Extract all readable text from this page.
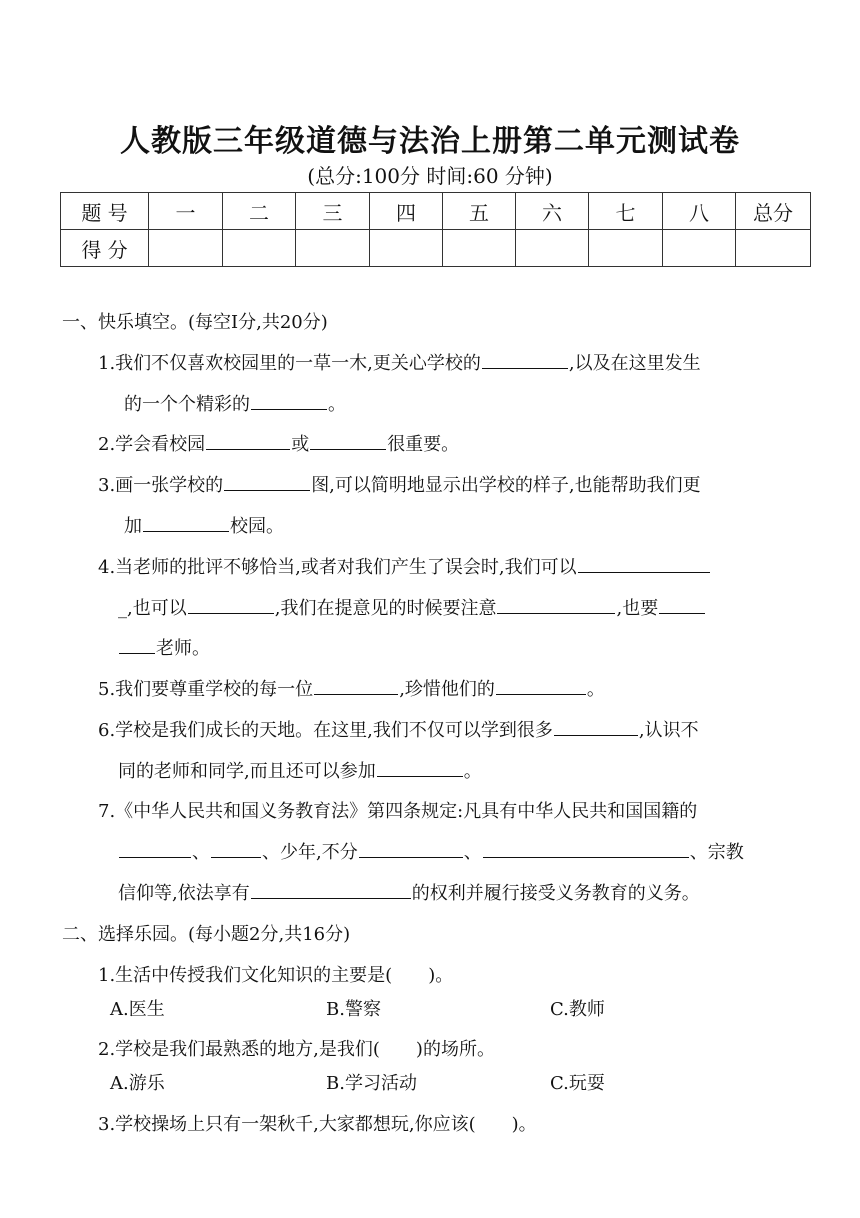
人教版三年级道德与法治上册第二单元测试卷
(总分:100分 时间:60 分钟)
题 号	一	二	三	四	五	六	七	八	总分
得 分									
一、快乐填空。(每空Ⅰ分,共20分)
1.我们不仅喜欢校园里的一草一木,更关心学校的	,以及在这里发生
的一个个精彩的	。
2.学会看校园	或	很重要。
3.画一张学校的	图,可以简明地显示出学校的样子,也能帮助我们更
加	校园。
4.当老师的批评不够恰当,或者对我们产生了误会时,我们可以
_,也可以	,我们在提意见的时候要注意	,也要
老师。
5.我们要尊重学校的每一位	,珍惜他们的	。
6.学校是我们成长的天地。在这里,我们不仅可以学到很多	,认识不
同的老师和同学,而且还可以参加	。
7.《中华人民共和国义务教育法》第四条规定:凡具有中华人民共和国国籍的
、	、少年,不分	、	、宗教
信仰等,依法享有	的权利并履行接受义务教育的义务。
二、选择乐园。(每小题2分,共16分)
1.生活中传授我们文化知识的主要是(　　)。
A.医生	B.警察	C.教师
2.学校是我们最熟悉的地方,是我们(　　)的场所。
A.游乐	B.学习活动	C.玩耍
3.学校操场上只有一架秋千,大家都想玩,你应该(　　)。
